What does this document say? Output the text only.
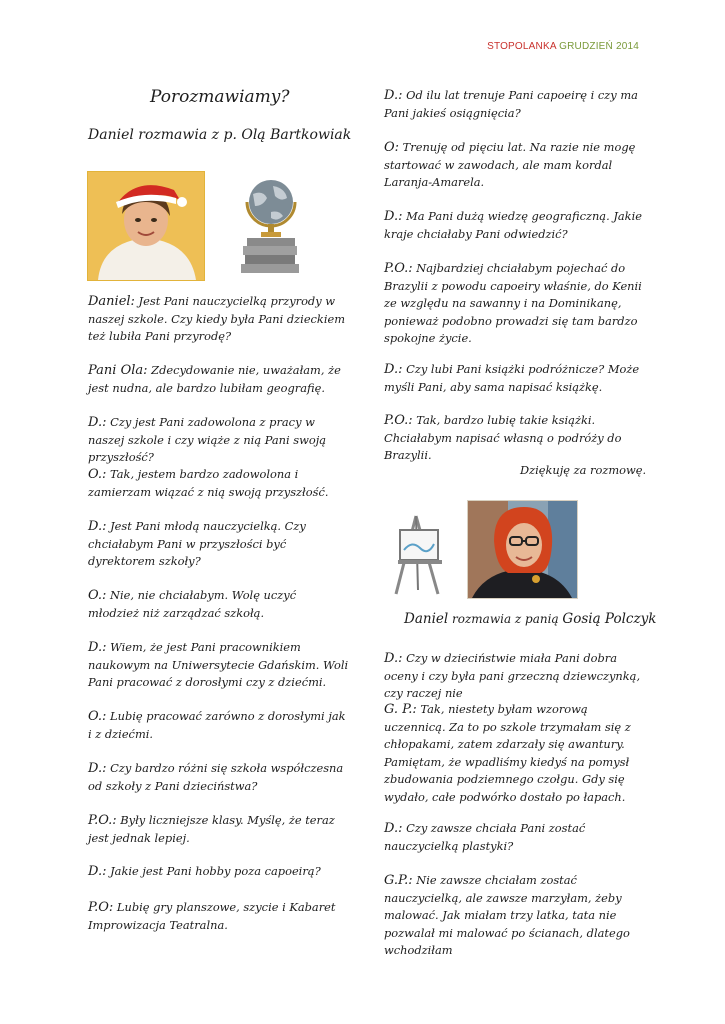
STOPOLANKA GRUDZIEŃ 2014
Porozmawiamy?
Daniel rozmawia z p. Olą Bartkowiak

Daniel: Jest Pani nauczycielką przyrody w naszej szkole. Czy kiedy była Pani dzieckiem też lubiła Pani przyrodę?

Pani Ola: Zdecydowanie nie, uważałam, że jest nudna, ale bardzo lubiłam geografię.

D.: Czy jest Pani zadowolona z pracy w naszej szkole i czy wiąże z nią Pani swoją przyszłość?

O.: Tak, jestem bardzo zadowolona i zamierzam wiązać z nią swoją przyszłość.

D.: Jest Pani młodą nauczycielką. Czy chciałabym Pani w przyszłości być dyrektorem szkoły?

O.: Nie, nie chciałabym. Wolę uczyć młodzież niż zarządzać szkołą.

D.: Wiem, że jest Pani pracownikiem naukowym na Uniwersytecie Gdańskim. Woli Pani pracować z dorosłymi czy z dziećmi.

O.: Lubię pracować zarówno z dorosłymi jak i z dziećmi.

D.: Czy bardzo różni się szkoła współczesna od szkoły z Pani dzieciństwa?

P.O.: Były liczniejsze klasy. Myślę, że teraz jest jednak lepiej.

D.: Jakie jest Pani hobby poza capoeirą?

P.O: Lubię gry planszowe, szycie i Kabaret Improwizacja Teatralna.

D.: Od ilu lat trenuje Pani capoeirę i czy ma Pani jakieś osiągnięcia?

O: Trenuję od pięciu lat. Na razie nie mogę startować w zawodach, ale mam kordal Laranja-Amarela.

D.: Ma Pani dużą wiedzę geograficzną. Jakie kraje chciałaby Pani odwiedzić?

P.O.: Najbardziej chciałabym pojechać do Brazylii z powodu capoeiry właśnie, do Kenii ze względu na sawanny i na Dominikanę, ponieważ podobno prowadzi się tam bardzo spokojne życie.

D.: Czy lubi Pani książki podróżnicze? Może myśli Pani, aby sama napisać książkę.

P.O.: Tak, bardzo lubię takie książki. Chciałabym napisać własną o podróży do Brazylii.

Dziękuję za rozmowę.
Daniel rozmawia z panią Gosią Polczyk

D.: Czy w dzieciństwie miała Pani dobra oceny i czy była pani grzeczną dziewczynką, czy raczej nie

G. P.: Tak, niestety byłam wzorową uczennicą. Za to po szkole trzymałam się z chłopakami, zatem zdarzały się awantury. Pamiętam, że wpadliśmy kiedyś na pomysł zbudowania podziemnego czołgu. Gdy się wydało, całe podwórko dostało po łapach.

D.: Czy zawsze chciała Pani zostać nauczycielką plastyki?

G.P.: Nie zawsze chciałam zostać nauczycielką, ale zawsze marzyłam, żeby malować. Jak miałam trzy latka, tata nie pozwalał mi malować po ścianach, dlatego wchodziłam
